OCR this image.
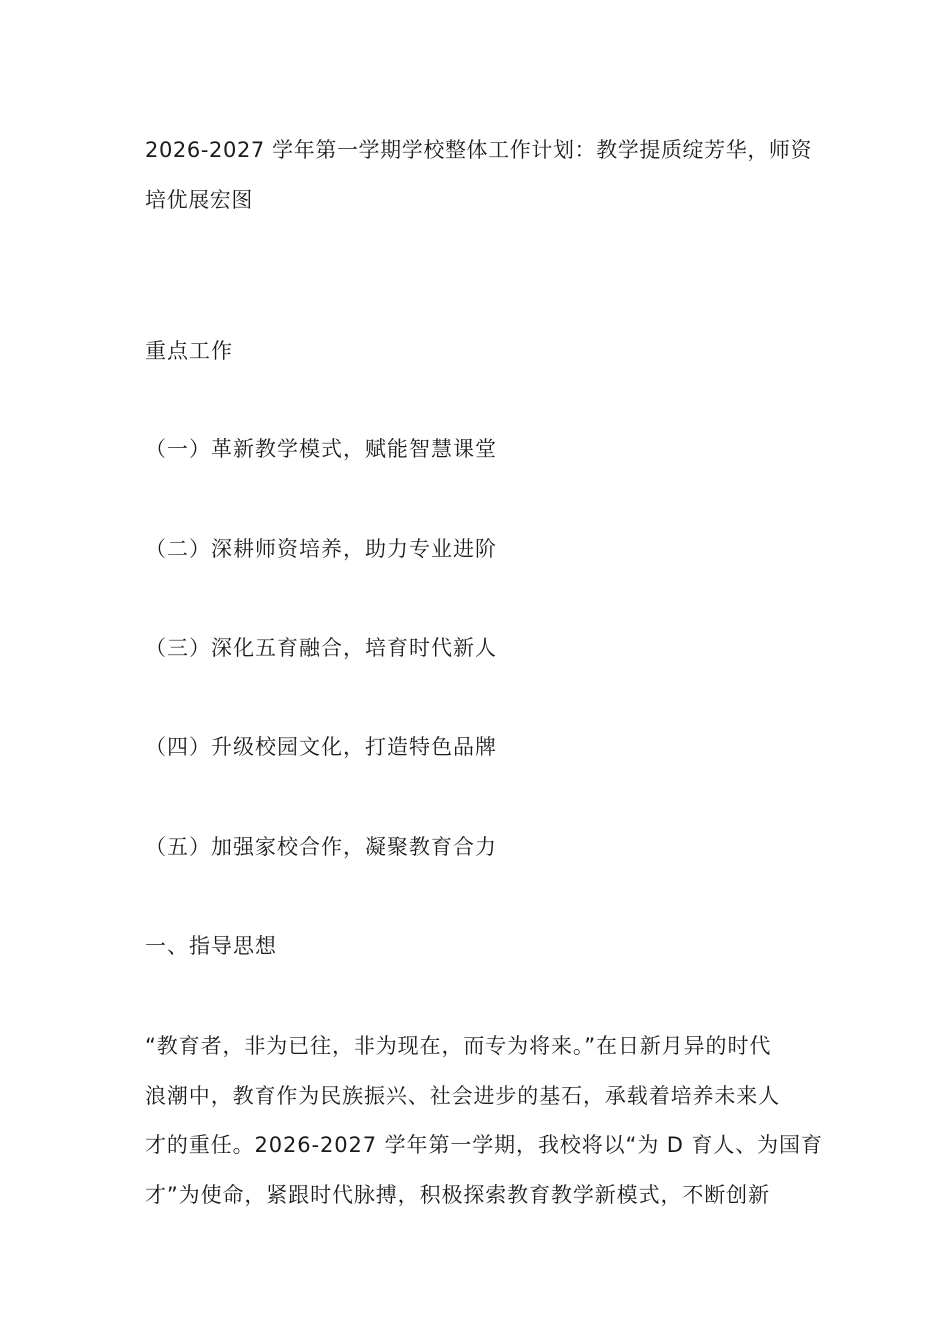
2026-2027 学年第一学期学校整体工作计划：教学提质绽芳华，师资

培优展宏图

重点工作

（一）革新教学模式，赋能智慧课堂

（二）深耕师资培养，助力专业进阶

（三）深化五育融合，培育时代新人

（四）升级校园文化，打造特色品牌

（五）加强家校合作，凝聚教育合力

一、指导思想

“教育者，非为已往，非为现在，而专为将来。”在日新月异的时代

浪潮中，教育作为民族振兴、社会进步的基石，承载着培养未来人

才的重任。2026-2027 学年第一学期，我校将以“为 D 育人、为国育

才”为使命，紧跟时代脉搏，积极探索教育教学新模式，不断创新
